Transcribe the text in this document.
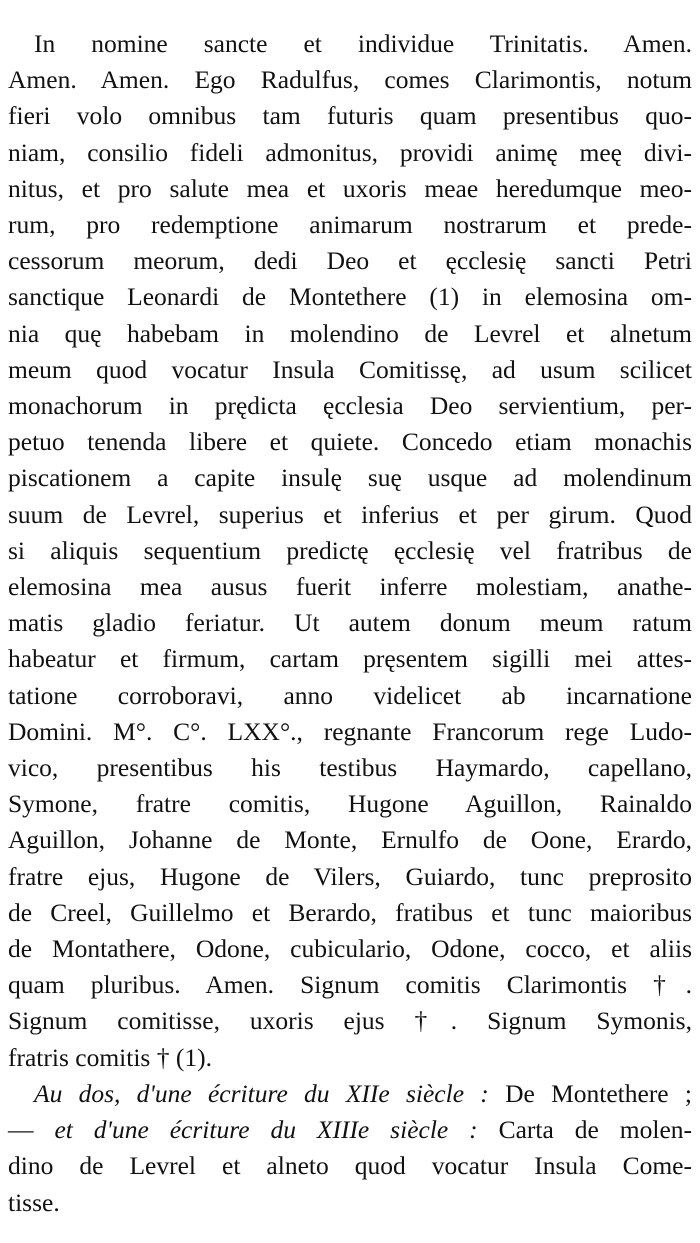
In nomine sancte et individue Trinitatis. Amen.
Amen. Amen. Ego Radulfus, comes Clarimontis, notum
fieri volo omnibus tam futuris quam presentibus quo-
niam, consilio fideli admonitus, providi animę meę divi-
nitus, et pro salute mea et uxoris meae heredumque meo-
rum, pro redemptione animarum nostrarum et prede-
cessorum meorum, dedi Deo et ęcclesię sancti Petri
sanctique Leonardi de Montethere (1) in elemosina om-
nia quę habebam in molendino de Levrel et alnetum
meum quod vocatur Insula Comitissę, ad usum scilicet
monachorum in prędicta ęcclesia Deo servientium, per-
petuo tenenda libere et quiete. Concedo etiam monachis
piscationem a capite insulę suę usque ad molendinum
suum de Levrel, superius et inferius et per girum. Quod
si aliquis sequentium predictę ęcclesię vel fratribus de
elemosina mea ausus fuerit inferre molestiam, anathe-
matis gladio feriatur. Ut autem donum meum ratum
habeatur et firmum, cartam pręsentem sigilli mei attes-
tatione corroboravi, anno videlicet ab incarnatione
Domini. M°. C°. LXX°., regnante Francorum rege Ludo-
vico, presentibus his testibus Haymardo, capellano,
Symone, fratre comitis, Hugone Aguillon, Rainaldo
Aguillon, Johanne de Monte, Ernulfo de Oone, Erardo,
fratre ejus, Hugone de Vilers, Guiardo, tunc preprosito
de Creel, Guillelmo et Berardo, fratibus et tunc maioribus
de Montathere, Odone, cubiculario, Odone, cocco, et aliis
quam pluribus. Amen. Signum comitis Clarimontis †.
Signum comitisse, uxoris ejus †. Signum Symonis,
fratris comitis † (1).
Au dos, d'une écriture du XIIe siècle : De Montethere ;
— et d'une écriture du XIIIe siècle : Carta de molen-
dino de Levrel et alneto quod vocatur Insula Come-
tisse.
